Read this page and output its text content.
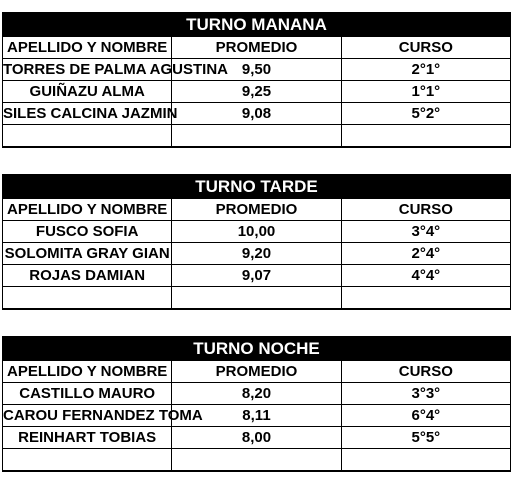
TURNO MANANA		
APELLIDO Y NOMBRE	PROMEDIO	CURSO
TORRES DE PALMA AGUSTINA	9,50	2°1°
GUIÑAZU ALMA	9,25	1°1°
SILES CALCINA JAZMIN	9,08	5°2°

TURNO TARDE		
APELLIDO Y NOMBRE	PROMEDIO	CURSO
FUSCO SOFIA	10,00	3°4°
SOLOMITA GRAY GIAN	9,20	2°4°
ROJAS DAMIAN	9,07	4°4°

TURNO NOCHE		
APELLIDO Y NOMBRE	PROMEDIO	CURSO
CASTILLO MAURO	8,20	3°3°
CAROU FERNANDEZ TOMA	8,11	6°4°
REINHART TOBIAS	8,00	5°5°
